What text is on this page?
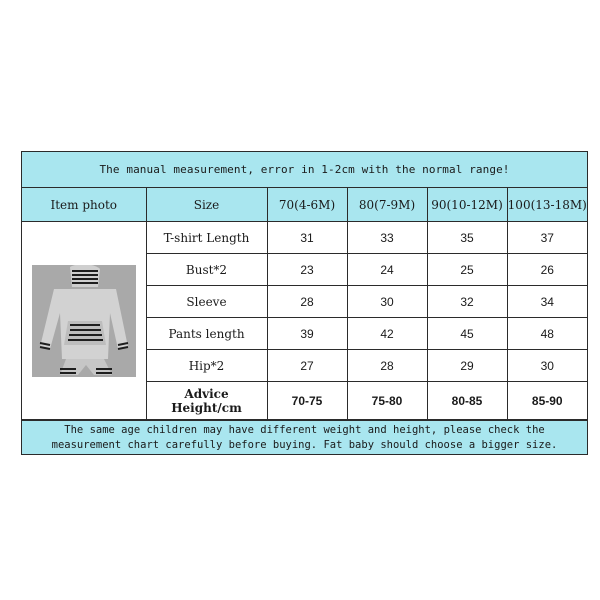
The manual measurement, error in 1-2cm with the normal range!
Item photo	Size	70(4-6M)	80(7-9M)	90(10-12M)	100(13-18M)

	T-shirt Length	31	33	35	37
	Bust*2	23	24	25	26
	Sleeve	28	30	32	34
	Pants length	39	42	45	48
	Hip*2	27	28	29	30

	Advice
Height/cm	70-75	75-80	80-85	85-90
The same age children may have different weight and height, please check the
measurement chart carefully before buying. Fat baby should choose a bigger size.
